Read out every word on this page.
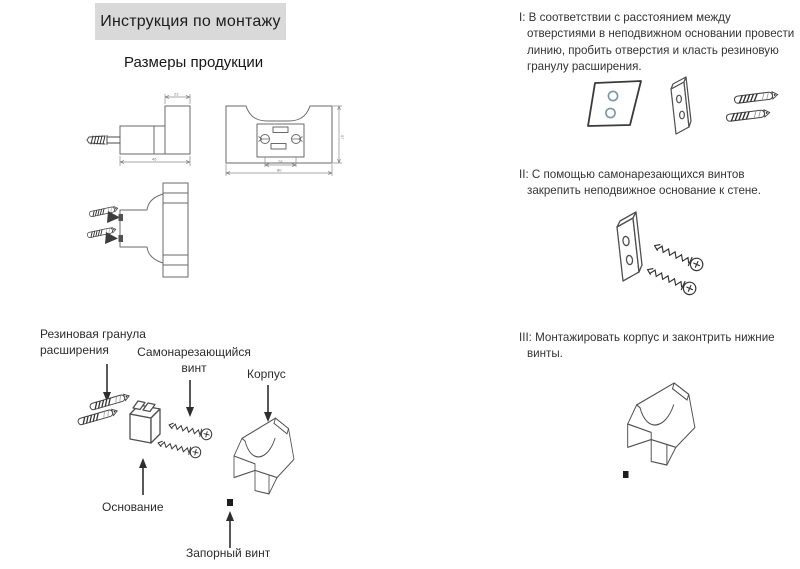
Инструкция по монтажу
Размеры продукции
23
46	28
80
57
Резиновая гранула расширения	Самонарезающийся винт	Корпус
Основание
Запорный винт
I: В соответствии с расстоянием между отверстиями в неподвижном основании провести линию, пробить отверстия и класть резиновую гранулу расширения.
II: С помощью самонарезающихся винтов закрепить неподвижное основание к стене.
III: Монтажировать корпус и законтрить нижние винты.
